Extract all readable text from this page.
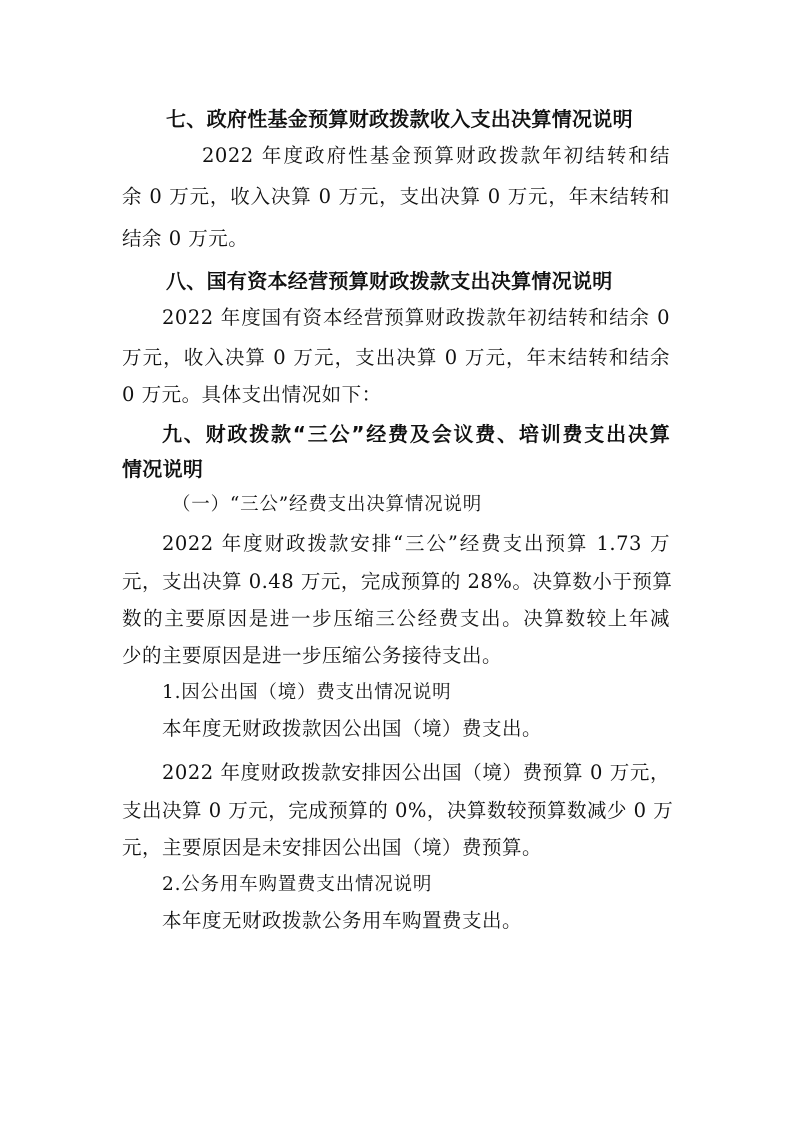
七、政府性基金预算财政拨款收入支出决算情况说明
2022 年度政府性基金预算财政拨款年初结转和结
余 0 万元，收入决算 0 万元，支出决算 0 万元，年末结转和
结余 0 万元。
八、国有资本经营预算财政拨款支出决算情况说明
2022 年度国有资本经营预算财政拨款年初结转和结余 0
万元，收入决算 0 万元，支出决算 0 万元，年末结转和结余
0 万元。具体支出情况如下：
九、财政拨款“三公”经费及会议费、培训费支出决算
情况说明
（一）“三公”经费支出决算情况说明
2022 年度财政拨款安排“三公”经费支出预算 1.73 万
元，支出决算 0.48 万元，完成预算的 28%。决算数小于预算
数的主要原因是进一步压缩三公经费支出。决算数较上年减
少的主要原因是进一步压缩公务接待支出。
1.因公出国（境）费支出情况说明
本年度无财政拨款因公出国（境）费支出。
2022 年度财政拨款安排因公出国（境）费预算 0 万元，
支出决算 0 万元，完成预算的 0%，决算数较预算数减少 0 万
元，主要原因是未安排因公出国（境）费预算。
2.公务用车购置费支出情况说明
本年度无财政拨款公务用车购置费支出。
